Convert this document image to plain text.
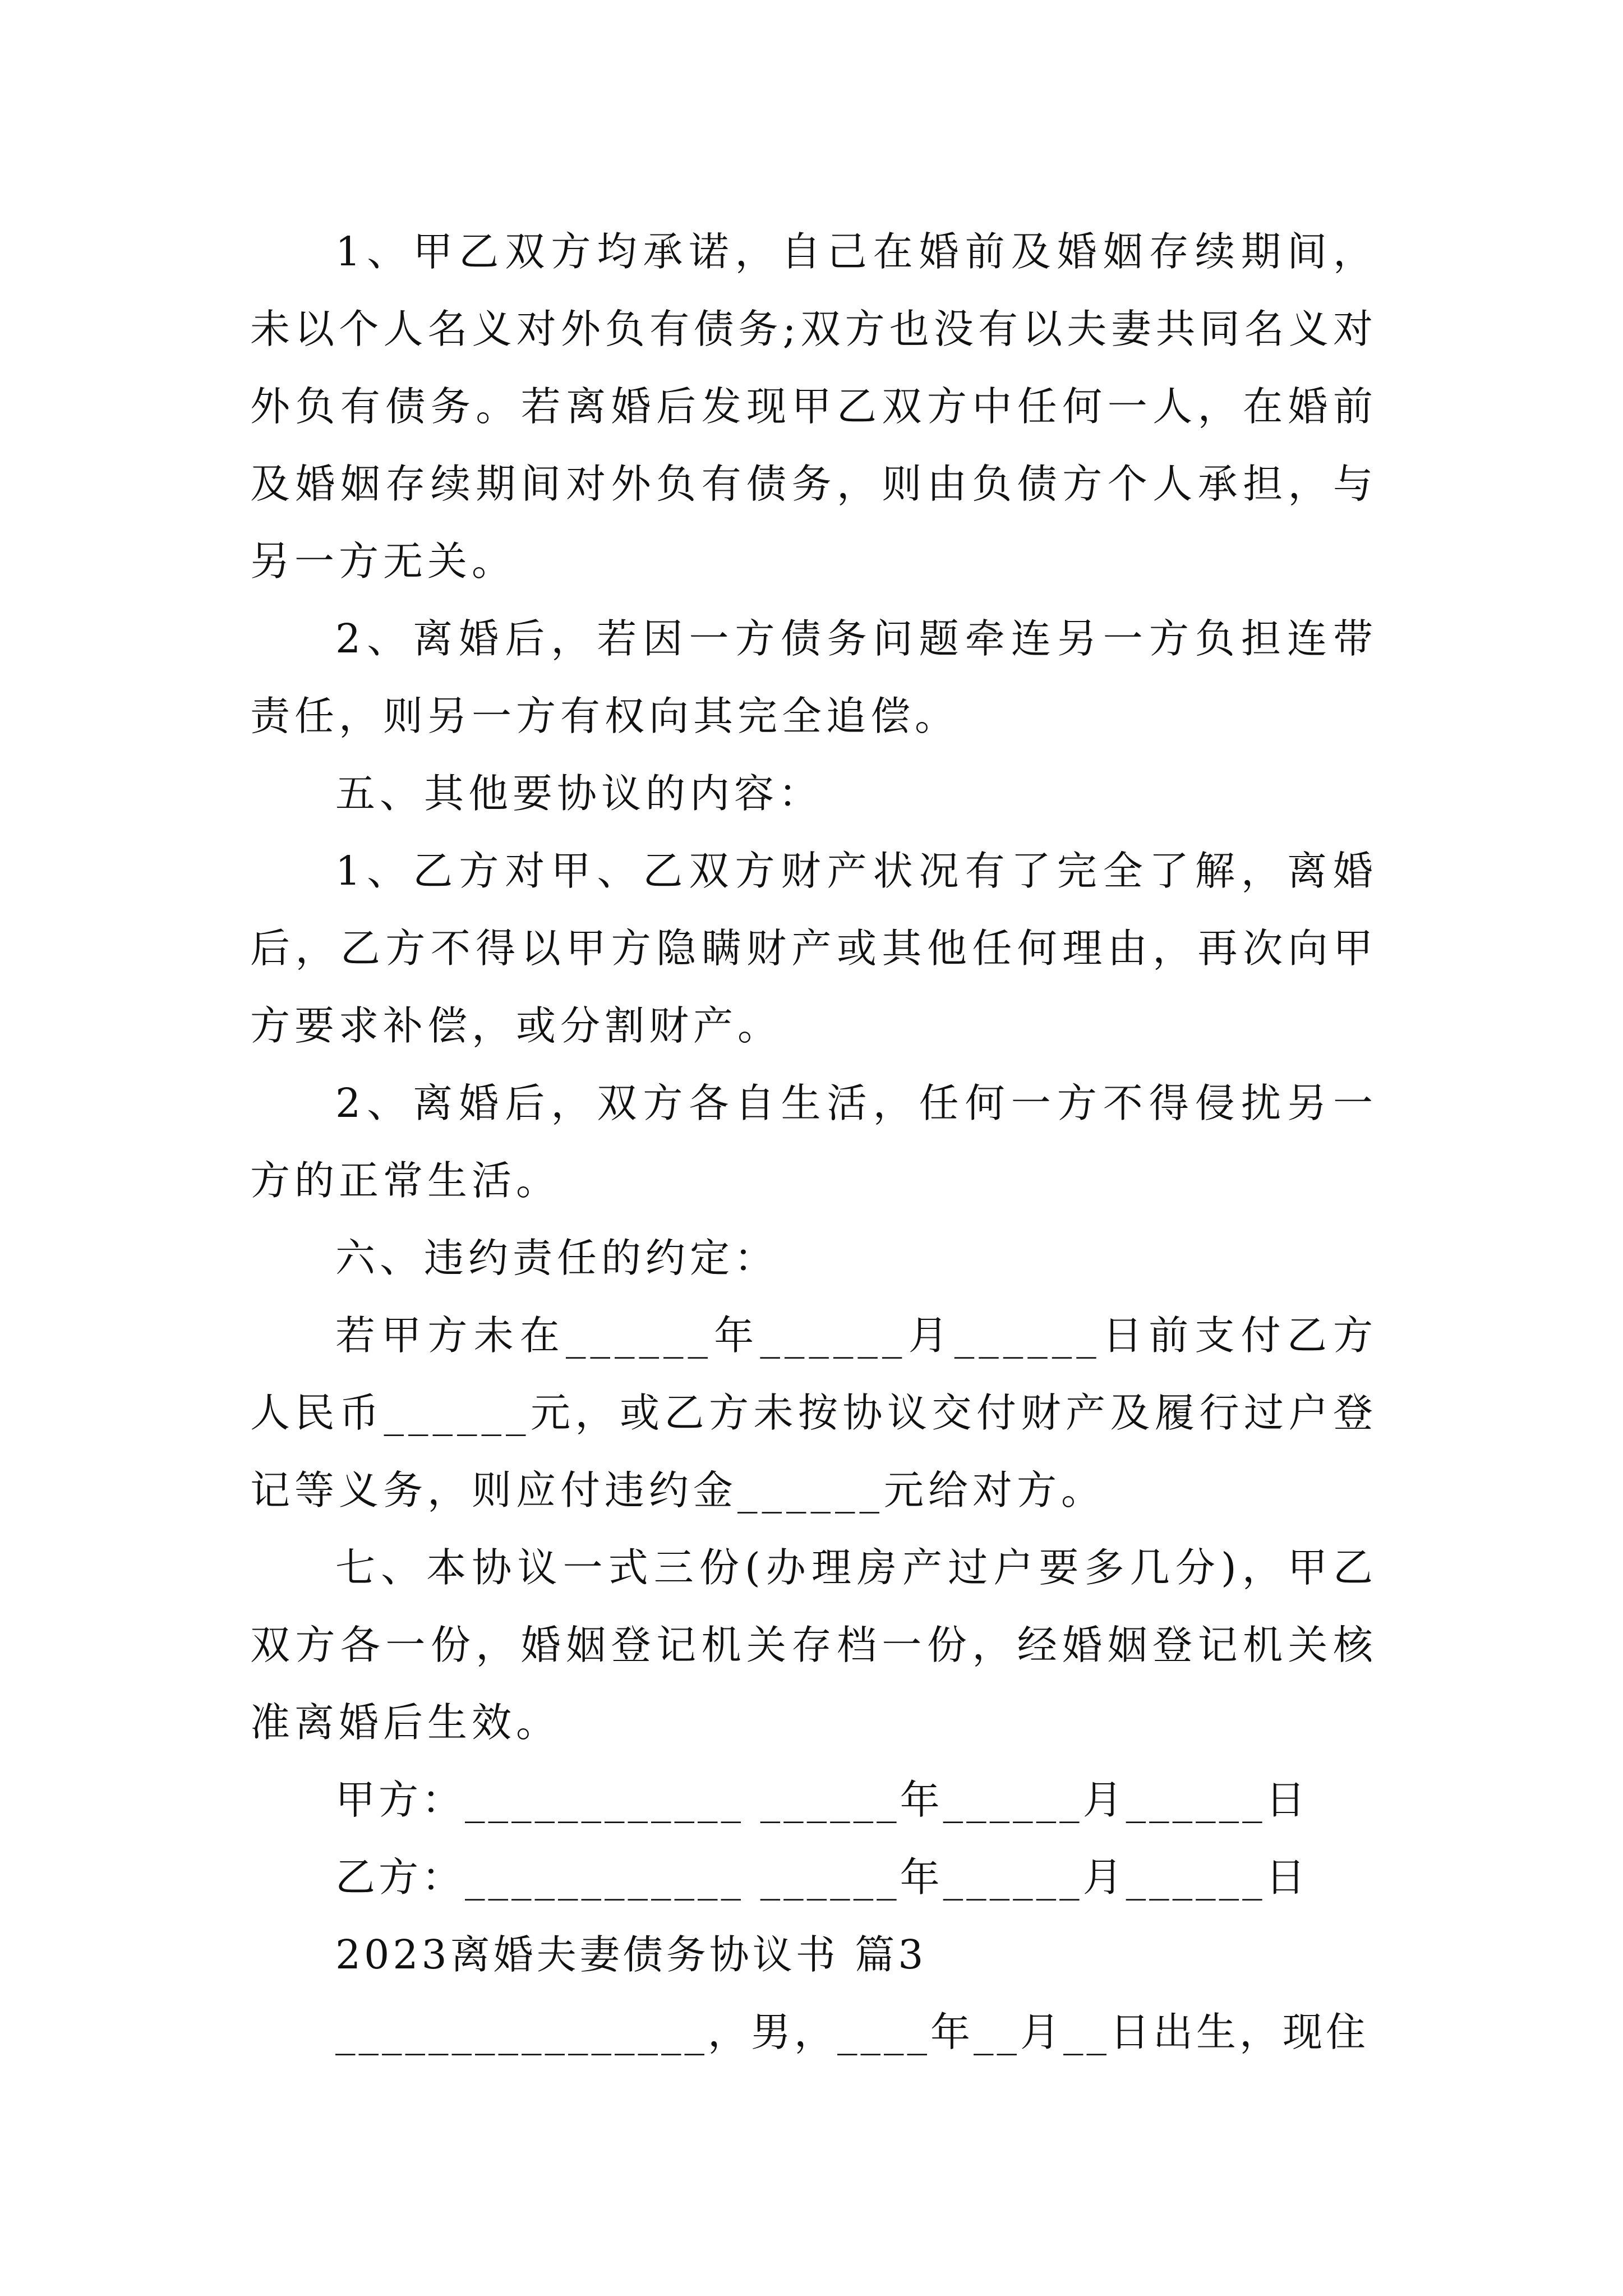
1、甲乙双方均承诺，自己在婚前及婚姻存续期间，未以个人名义对外负有债务;双方也没有以夫妻共同名义对外负有债务。若离婚后发现甲乙双方中任何一人，在婚前及婚姻存续期间对外负有债务，则由负债方个人承担，与另一方无关。

2、离婚后，若因一方债务问题牵连另一方负担连带责任，则另一方有权向其完全追偿。

五、其他要协议的内容：

1、乙方对甲、乙双方财产状况有了完全了解，离婚后，乙方不得以甲方隐瞒财产或其他任何理由，再次向甲方要求补偿，或分割财产。

2、离婚后，双方各自生活，任何一方不得侵扰另一方的正常生活。

六、违约责任的约定：

若甲方未在______年______月______日前支付乙方人民币______元，或乙方未按协议交付财产及履行过户登记等义务，则应付违约金______元给对方。

七、本协议一式三份(办理房产过户要多几分)，甲乙双方各一份，婚姻登记机关存档一份，经婚姻登记机关核准离婚后生效。

甲方：____________ ______年______月______日

乙方：____________ ______年______月______日

2023离婚夫妻债务协议书 篇3

________________，男，____年__月__日出生，现住
